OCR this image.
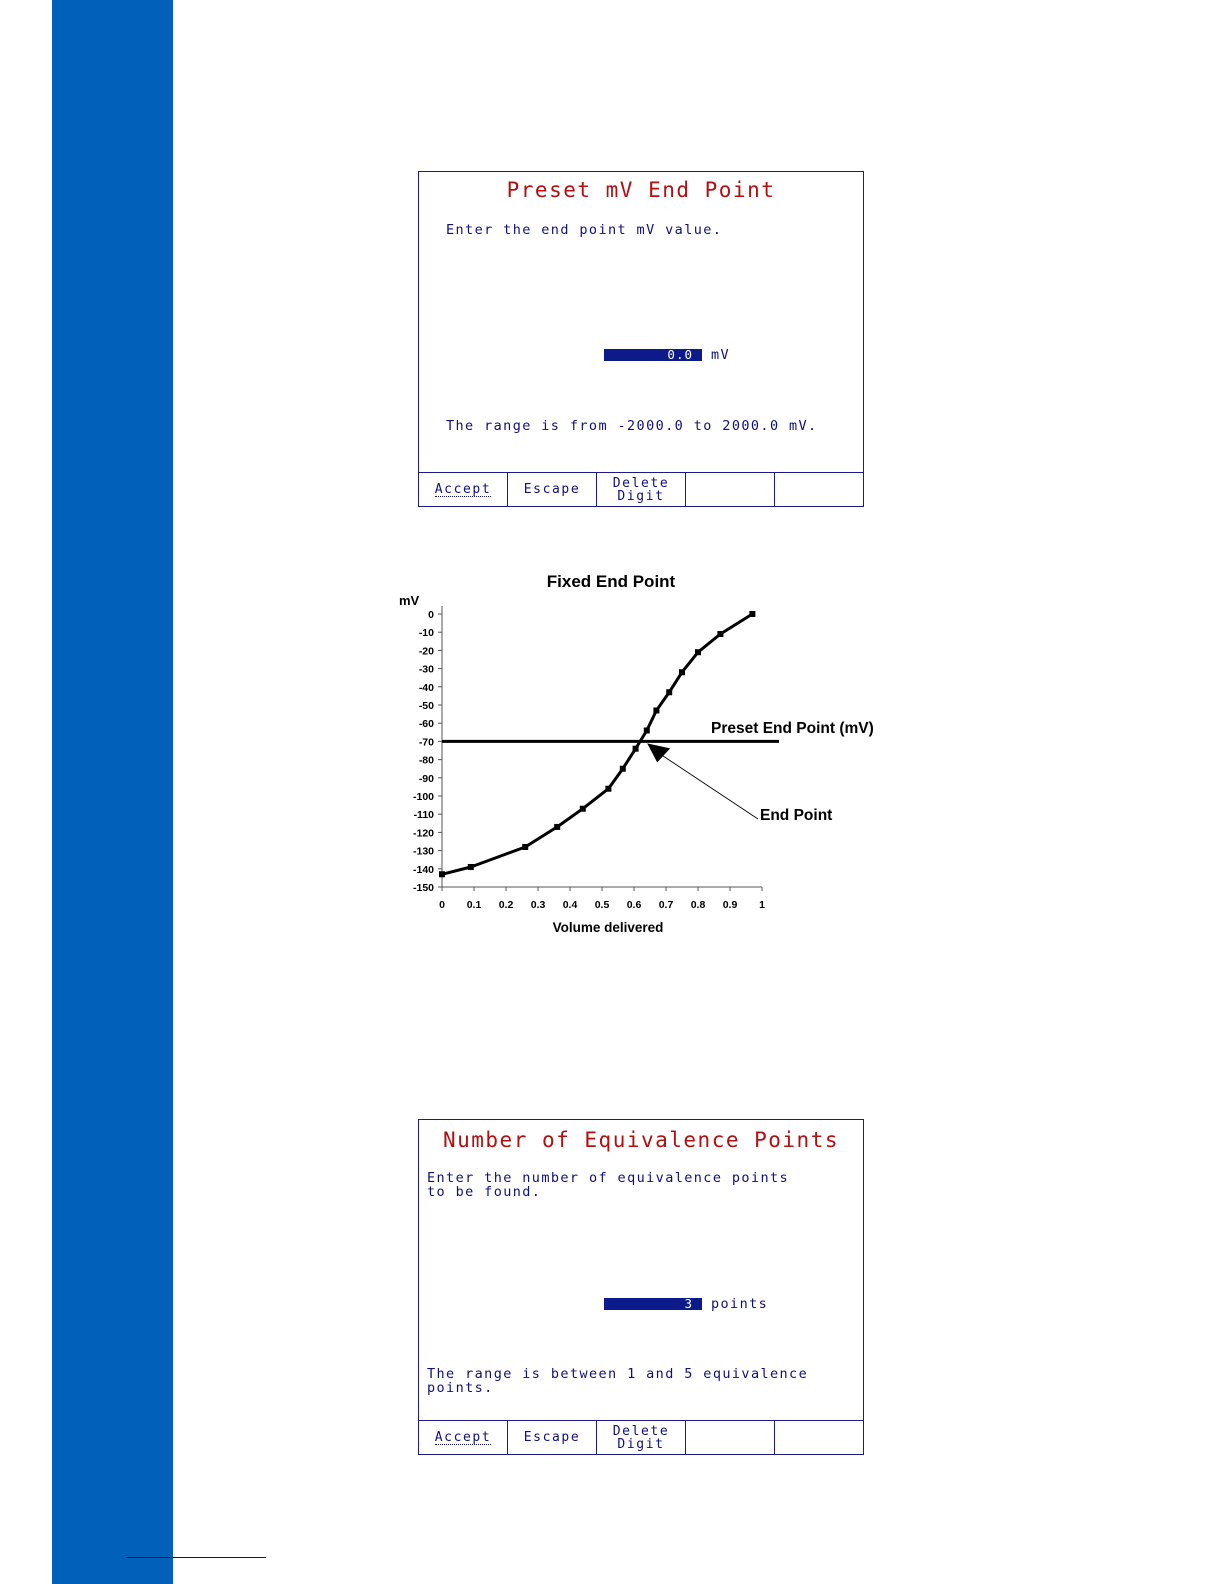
Preset mV End Point
Enter the end point mV value.
0.0	mV
The range is from -2000.0 to 2000.0 mV.
Accept Escape Delete
Digit
Fixed End Point
mV
Volume delivered
0
-10
-20
-30
-40
-50
-60
-70
-80
-90
-100
-110
-120
-130
-140
-150
0 0.1 0.2 0.3 0.4 0.5 0.6 0.7 0.8 0.9 1
Preset End Point (mV)
End Point
Number of Equivalence Points
Enter the number of equivalence points
to be found.
3	points
The range is between 1 and 5 equivalence
points.
Accept Escape Delete
Digit
